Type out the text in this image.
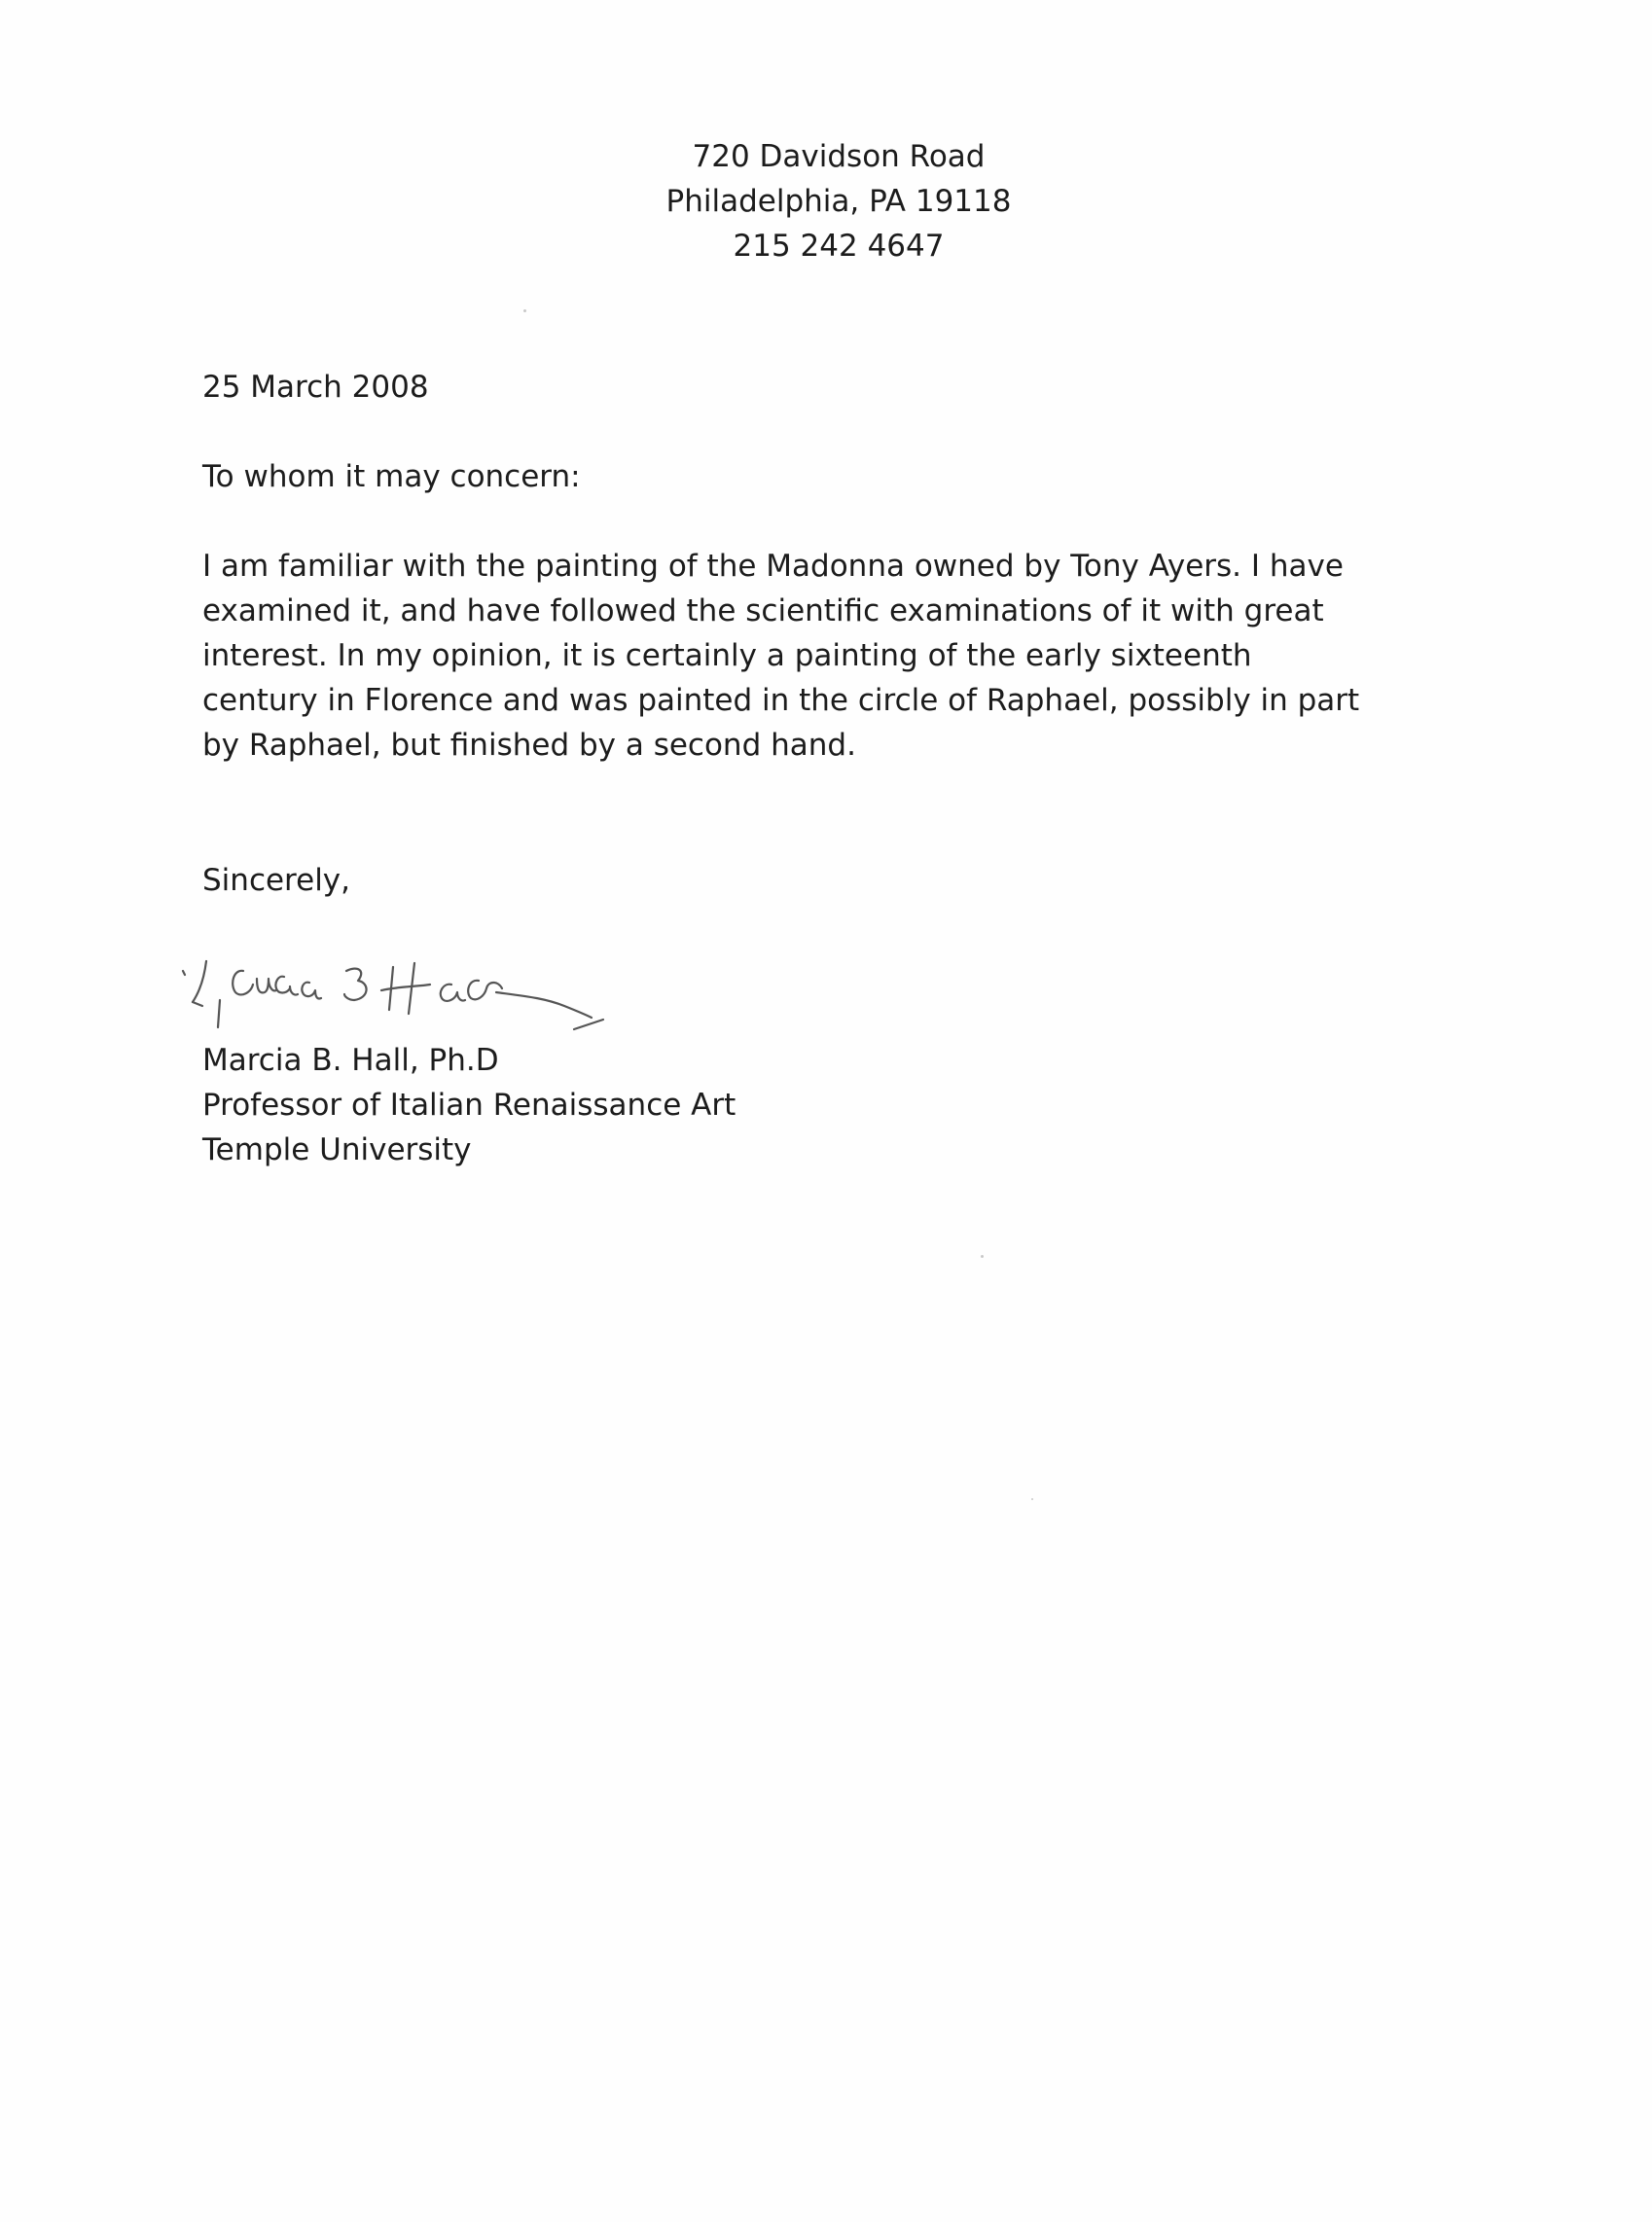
720 Davidson Road
Philadelphia, PA 19118
215 242 4647
25 March 2008
To whom it may concern:
I am familiar with the painting of the Madonna owned by Tony Ayers. I have
examined it, and have followed the scientific examinations of it with great
interest. In my opinion, it is certainly a painting of the early sixteenth
century in Florence and was painted in the circle of Raphael, possibly in part
by Raphael, but finished by a second hand.
Sincerely,
Marcia B. Hall, Ph.D
Professor of Italian Renaissance Art
Temple University
